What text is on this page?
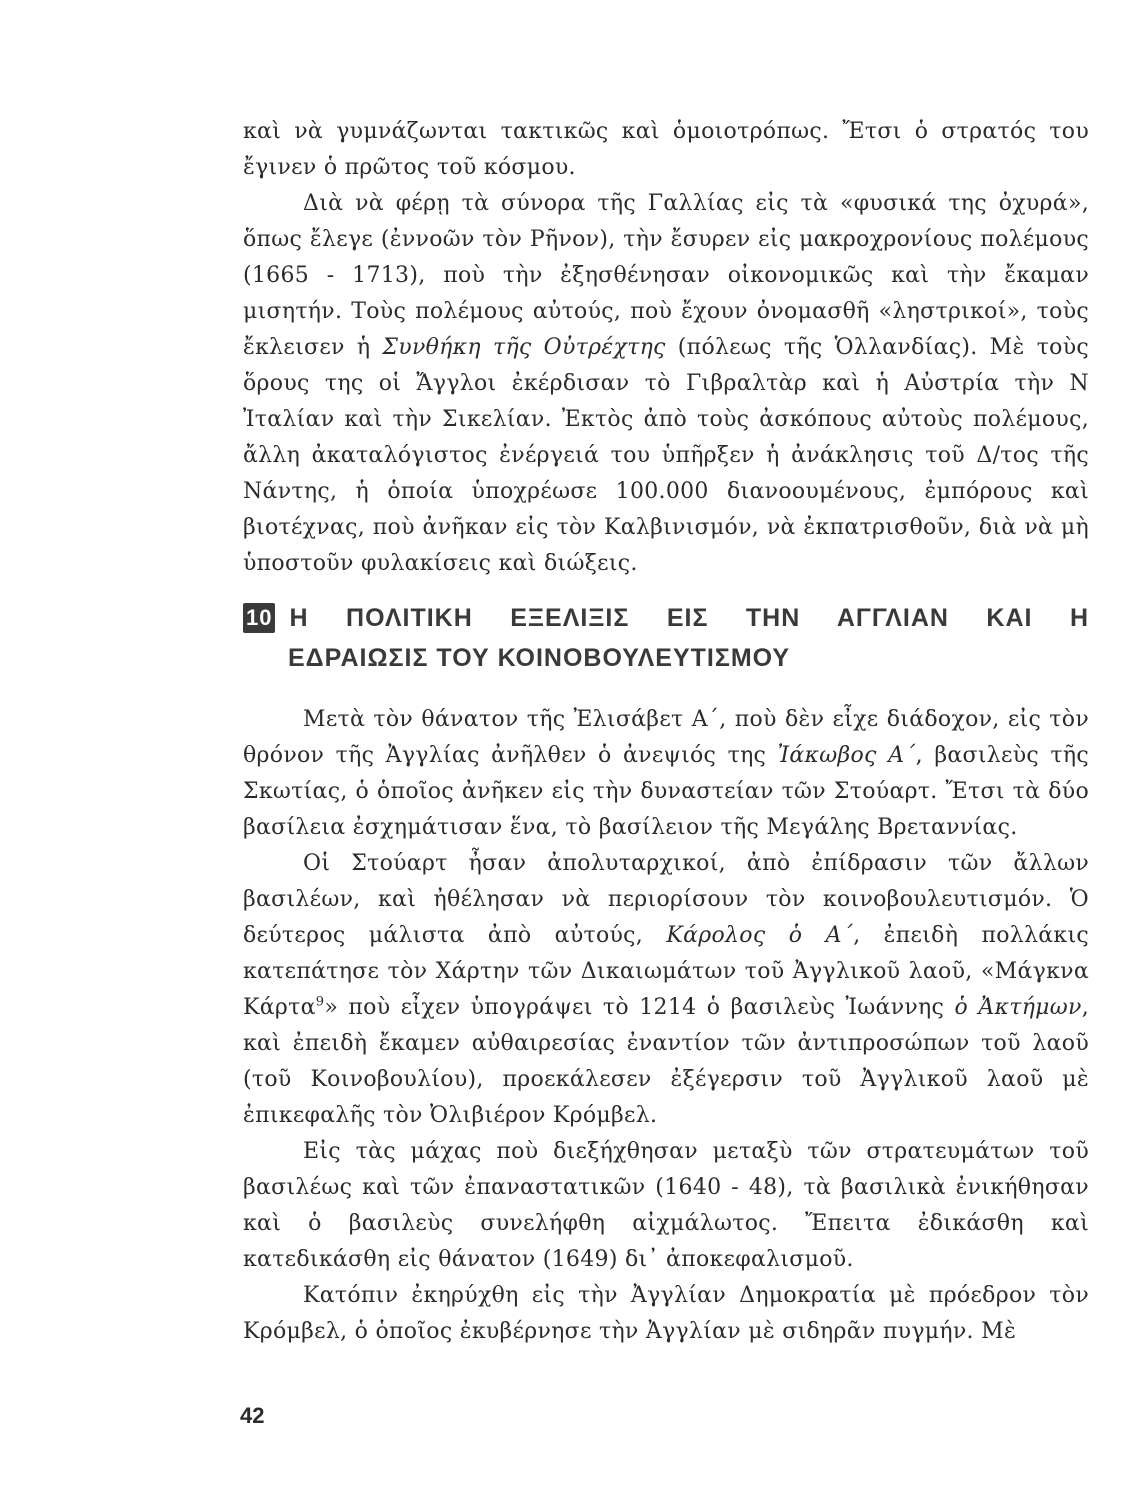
καὶ νὰ γυμνάζωνται τακτικῶς καὶ ὁμοιοτρόπως. Ἔτσι ὁ στρατός του ἔγινεν ὁ πρῶτος τοῦ κόσμου.

Διὰ νὰ φέρῃ τὰ σύνορα τῆς Γαλλίας εἰς τὰ «φυσικά της ὀχυρά», ὅπως ἔλεγε (ἐννοῶν τὸν Ρῆνον), τὴν ἔσυρεν εἰς μακροχρονίους πολέμους (1665 - 1713), ποὺ τὴν ἐξησθένησαν οἰκονομικῶς καὶ τὴν ἔκαμαν μισητήν. Τοὺς πολέμους αὐτούς, ποὺ ἔχουν ὀνομασθῆ «ληστρικοί», τοὺς ἔκλεισεν ἡ Συνθήκη τῆς Οὐτρέχτης (πόλεως τῆς Ὁλλανδίας). Μὲ τοὺς ὅρους της οἱ Ἄγγλοι ἐκέρδισαν τὸ Γιβραλτὰρ καὶ ἡ Αὐστρία τὴν Ν Ἰταλίαν καὶ τὴν Σικελίαν. Ἐκτὸς ἀπὸ τοὺς ἀσκόπους αὐτοὺς πολέμους, ἄλλη ἀκαταλόγιστος ἐνέργειά του ὑπῆρξεν ἡ ἀνάκλησις τοῦ Δ/τος τῆς Νάντης, ἡ ὁποία ὑποχρέωσε 100.000 διανοουμένους, ἐμπόρους καὶ βιοτέχνας, ποὺ ἀνῆκαν εἰς τὸν Καλβινισμόν, νὰ ἐκπατρισθοῦν, διὰ νὰ μὴ ὑποστοῦν φυλακίσεις καὶ διώξεις.

10 Η ΠΟΛΙΤΙΚΗ ΕΞΕΛΙΞΙΣ ΕΙΣ ΤΗΝ ΑΓΓΛΙΑΝ ΚΑΙ Η
ΕΔΡΑΙΩΣΙΣ ΤΟΥ ΚΟΙΝΟΒΟΥΛΕΥΤΙΣΜΟΥ

Μετὰ τὸν θάνατον τῆς Ἐλισάβετ Α΄, ποὺ δὲν εἶχε διάδοχον, εἰς τὸν θρόνον τῆς Ἀγγλίας ἀνῆλθεν ὁ ἀνεψιός της Ἰάκωβος Α΄, βασιλεὺς τῆς Σκωτίας, ὁ ὁποῖος ἀνῆκεν εἰς τὴν δυναστείαν τῶν Στούαρτ. Ἔτσι τὰ δύο βασίλεια ἐσχημάτισαν ἕνα, τὸ βασίλειον τῆς Μεγάλης Βρεταννίας.

Οἱ Στούαρτ ἦσαν ἀπολυταρχικοί, ἀπὸ ἐπίδρασιν τῶν ἄλλων βασιλέων, καὶ ἠθέλησαν νὰ περιορίσουν τὸν κοινοβουλευτισμόν. Ὁ δεύτερος μάλιστα ἀπὸ αὐτούς, Κάρολος ὁ Α΄, ἐπειδὴ πολλάκις κατεπάτησε τὸν Χάρτην τῶν Δικαιωμάτων τοῦ Ἀγγλικοῦ λαοῦ, «Μάγκνα Κάρτα$^9$» ποὺ εἶχεν ὑπογράψει τὸ 1214 ὁ βασιλεὺς Ἰωάννης ὁ Ἀκτήμων, καὶ ἐπειδὴ ἔκαμεν αὐθαιρεσίας ἐναντίον τῶν ἀντιπροσώπων τοῦ λαοῦ (τοῦ Κοινοβουλίου), προεκάλεσεν ἐξέγερσιν τοῦ Ἀγγλικοῦ λαοῦ μὲ ἐπικεφαλῆς τὸν Ὀλιβιέρον Κρόμβελ.

Εἰς τὰς μάχας ποὺ διεξήχθησαν μεταξὺ τῶν στρατευμάτων τοῦ βασιλέως καὶ τῶν ἐπαναστατικῶν (1640 - 48), τὰ βασιλικὰ ἐνικήθησαν καὶ ὁ βασιλεὺς συνελήφθη αἰχμάλωτος. Ἔπειτα ἐδικάσθη καὶ κατεδικάσθη εἰς θάνατον (1649) δι᾿ ἀποκεφαλισμοῦ.

Κατόπιν ἐκηρύχθη εἰς τὴν Ἀγγλίαν Δημοκρατία μὲ πρόεδρον τὸν Κρόμβελ, ὁ ὁποῖος ἐκυβέρνησε τὴν Ἀγγλίαν μὲ σιδηρᾶν πυγμήν. Μὲ

42
